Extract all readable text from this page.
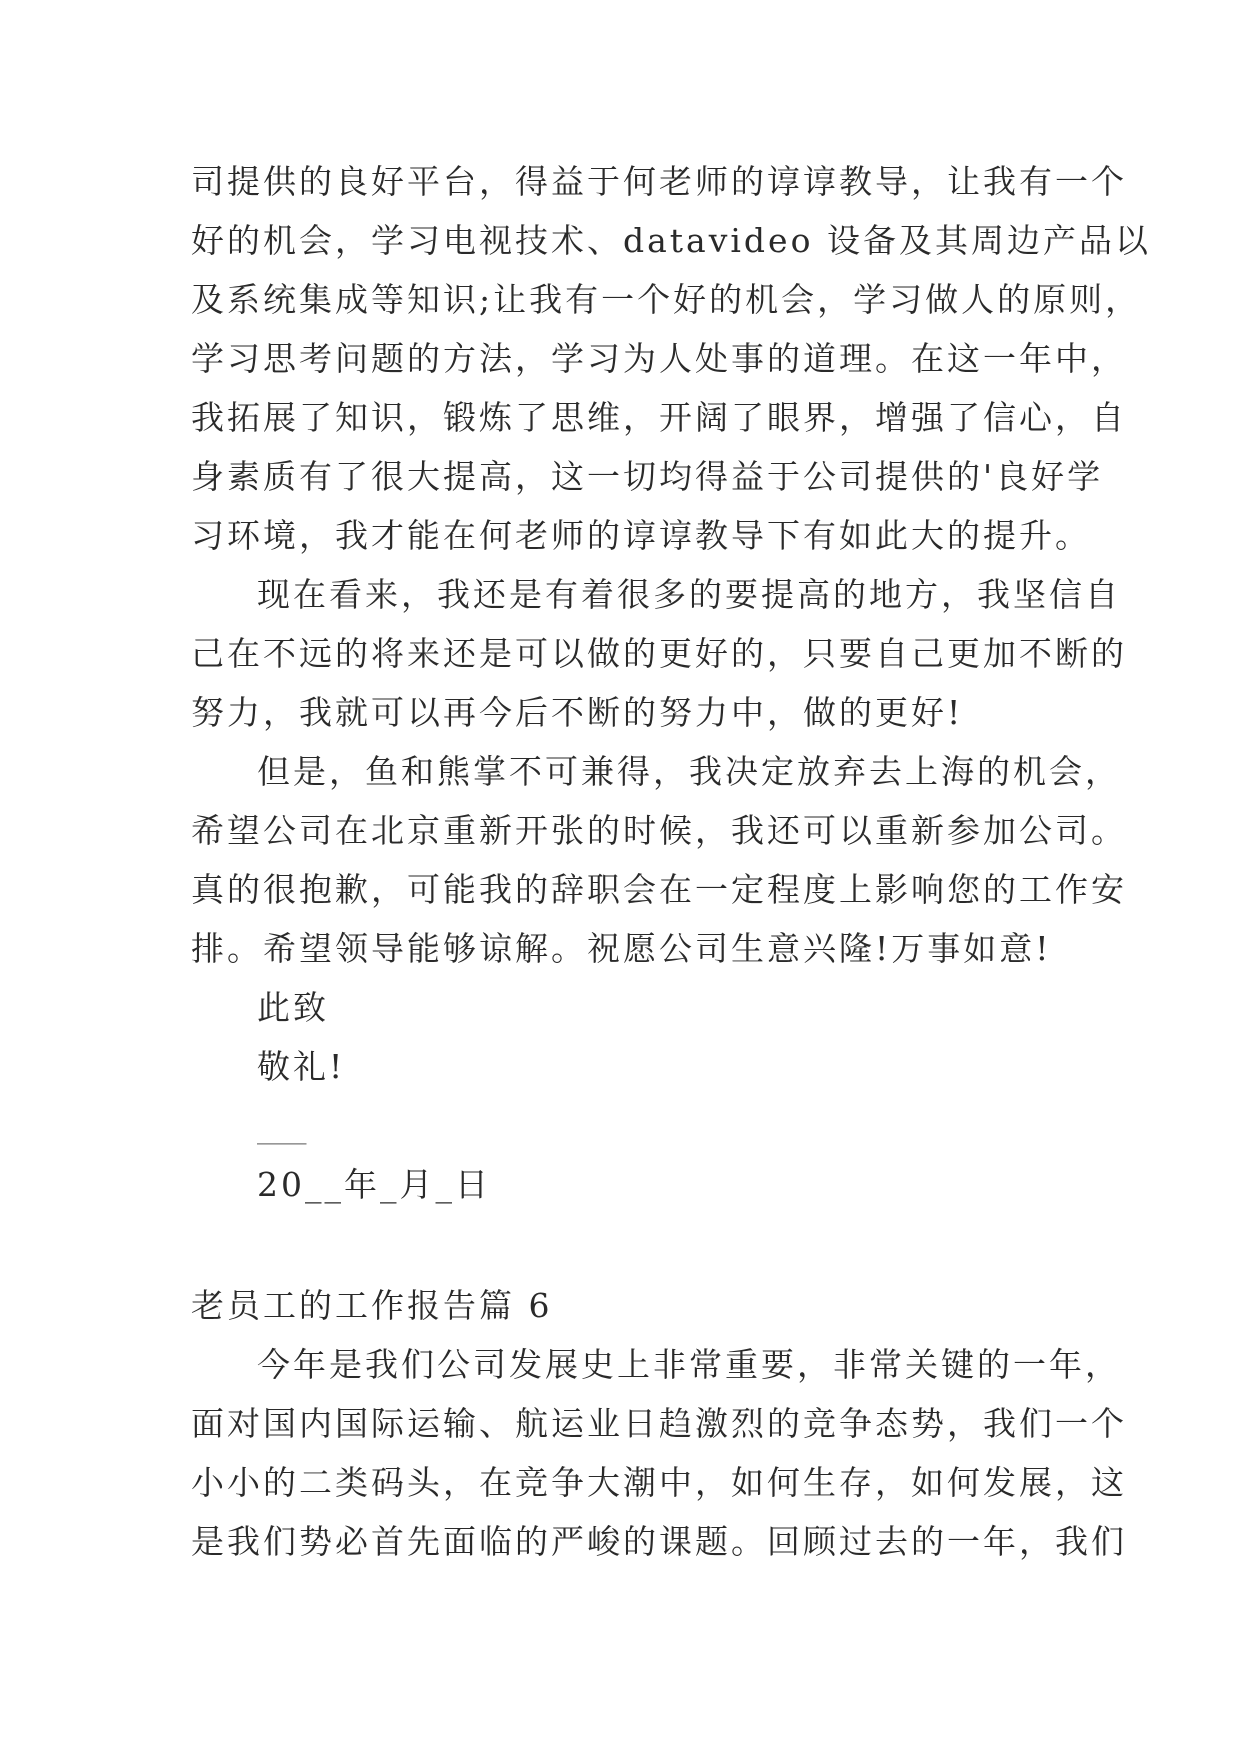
司提供的良好平台，得益于何老师的谆谆教导，让我有一个
好的机会，学习电视技术、datavideo 设备及其周边产品以
及系统集成等知识;让我有一个好的机会，学习做人的原则，
学习思考问题的方法，学习为人处事的道理。在这一年中，
我拓展了知识，锻炼了思维，开阔了眼界，增强了信心，自
身素质有了很大提高，这一切均得益于公司提供的'良好学
习环境，我才能在何老师的谆谆教导下有如此大的提升。
现在看来，我还是有着很多的要提高的地方，我坚信自
己在不远的将来还是可以做的更好的，只要自己更加不断的
努力，我就可以再今后不断的努力中，做的更好!
但是，鱼和熊掌不可兼得，我决定放弃去上海的机会，
希望公司在北京重新开张的时候，我还可以重新参加公司。
真的很抱歉，可能我的辞职会在一定程度上影响您的工作安
排。希望领导能够谅解。祝愿公司生意兴隆!万事如意!
此致
敬礼!
___
20__年_月_日
老员工的工作报告篇 6
今年是我们公司发展史上非常重要，非常关键的一年，
面对国内国际运输、航运业日趋激烈的竞争态势，我们一个
小小的二类码头，在竞争大潮中，如何生存，如何发展，这
是我们势必首先面临的严峻的课题。回顾过去的一年，我们
